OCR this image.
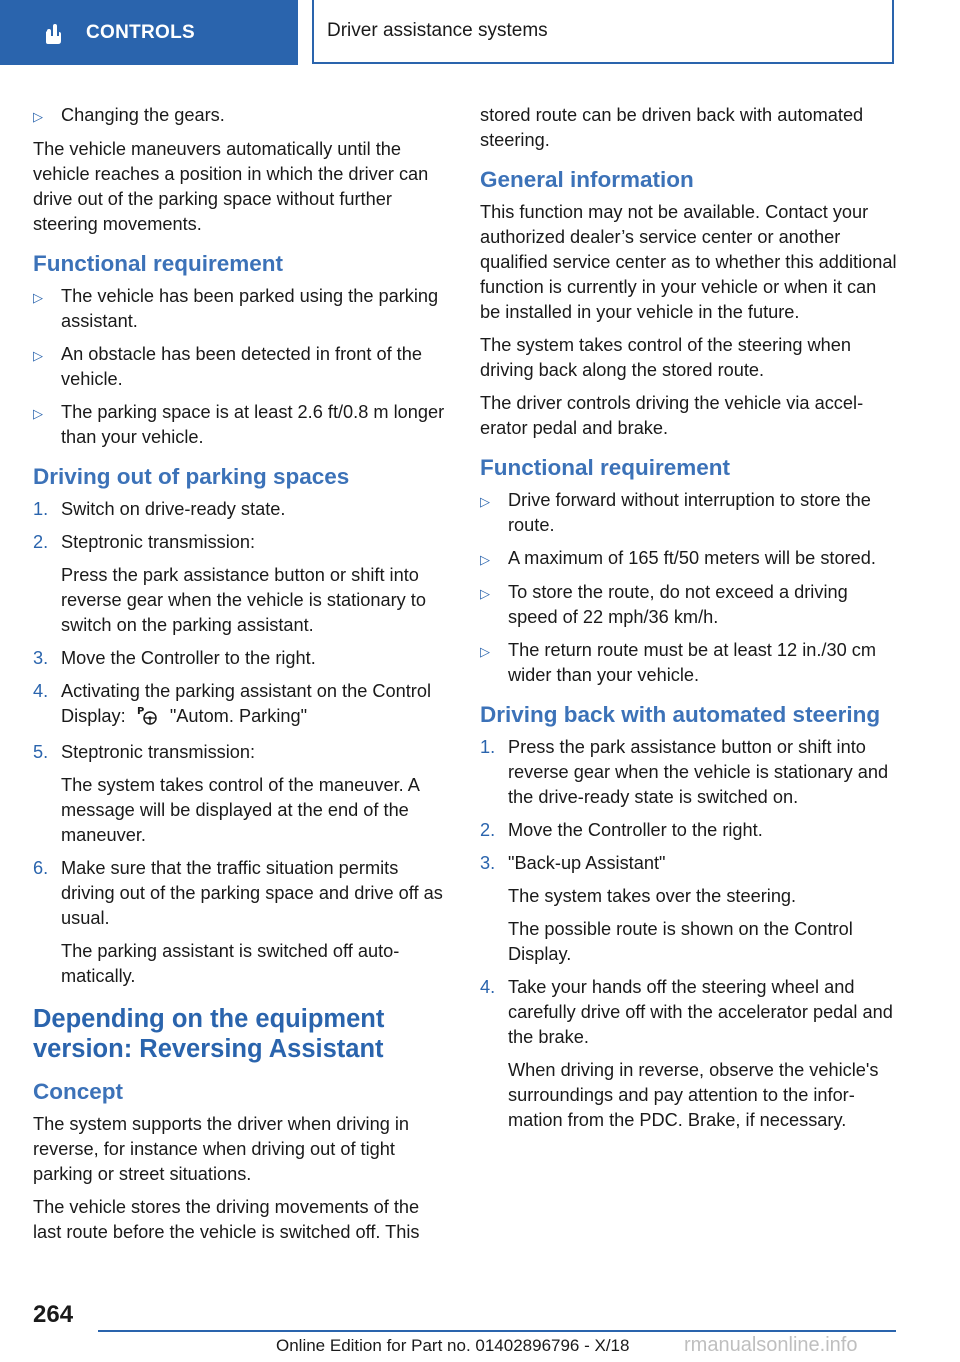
CONTROLS	Driver assistance systems
▷ Changing the gears.

The vehicle maneuvers automatically until the vehicle reaches a position in which the driver can drive out of the parking space without further steering movements.

Functional requirement
▷ The vehicle has been parked using the parking assistant.
▷ An obstacle has been detected in front of the vehicle.
▷ The parking space is at least 2.6 ft/0.8 m longer than your vehicle.
Driving out of parking spaces
1. Switch on drive-ready state.
2. Steptronic transmission:
Press the park assistance button or shift into reverse gear when the vehicle is stationary to switch on the parking assistant.
3. Move the Controller to the right.
4. Activating the parking assistant on the Control Display: P "Autom. Parking"
5. Steptronic transmission:
The system takes control of the maneuver. A message will be displayed at the end of the maneuver.
6. Make sure that the traffic situation permits driving out of the parking space and drive off as usual.
The parking assistant is switched off automatically.
Depending on the equipment version: Reversing Assistant
Concept

The system supports the driver when driving in reverse, for instance when driving out of tight parking or street situations.

The vehicle stores the driving movements of the last route before the vehicle is switched off. This

stored route can be driven back with automated steering.

General information

This function may not be available. Contact your authorized dealer’s service center or another qualified service center as to whether this additional function is currently in your vehicle or when it can be installed in your vehicle in the future.

The system takes control of the steering when driving back along the stored route.

The driver controls driving the vehicle via accelerator pedal and brake.

Functional requirement
▷ Drive forward without interruption to store the route.
▷ A maximum of 165 ft/50 meters will be stored.
▷ To store the route, do not exceed a driving speed of 22 mph/36 km/h.
▷ The return route must be at least 12 in./30 cm wider than your vehicle.
Driving back with automated steering
1. Press the park assistance button or shift into reverse gear when the vehicle is stationary and the drive-ready state is switched on.
2. Move the Controller to the right.
3. "Back-up Assistant"
The system takes over the steering.
The possible route is shown on the Control Display.
4. Take your hands off the steering wheel and carefully drive off with the accelerator pedal and the brake.
When driving in reverse, observe the vehicle's surroundings and pay attention to the information from the PDC. Brake, if necessary.
264
Online Edition for Part no. 01402896796 - X/18	rmanualsonline.info
